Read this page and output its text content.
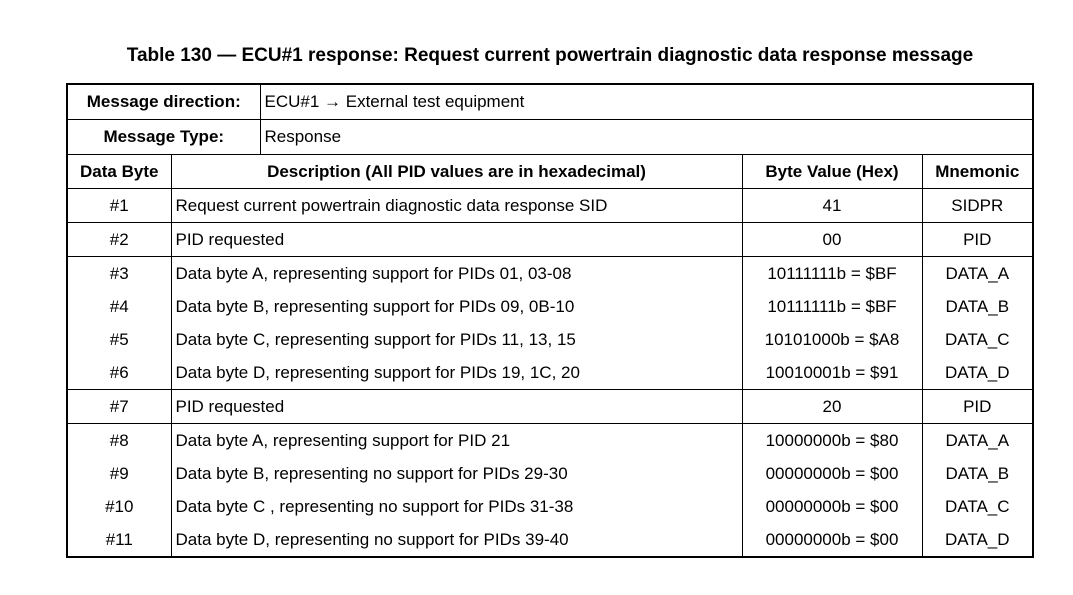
Table 130 — ECU#1 response: Request current powertrain diagnostic data response message
Message direction:		ECU#1 → External test equipment		
Message Type:		Response		
Data Byte	Description (All PID values are in hexadecimal)		Byte Value (Hex)	Mnemonic
#1	Request current powertrain diagnostic data response SID		41	SIDPR
#2	PID requested		00	PID
#3	Data byte A, representing support for PIDs 01, 03-08		10111111b = $BF	DATA_A
#4	Data byte B, representing support for PIDs 09, 0B-10		10111111b = $BF	DATA_B
#5	Data byte C, representing support for PIDs 11, 13, 15		10101000b = $A8	DATA_C
#6	Data byte D, representing support for PIDs 19, 1C, 20		10010001b = $91	DATA_D
#7	PID requested		20	PID
#8	Data byte A, representing support for PID 21		10000000b = $80	DATA_A
#9	Data byte B, representing no support for PIDs 29-30		00000000b = $00	DATA_B
#10	Data byte C , representing no support for PIDs 31-38		00000000b = $00	DATA_C
#11	Data byte D, representing no support for PIDs 39-40		00000000b = $00	DATA_D
